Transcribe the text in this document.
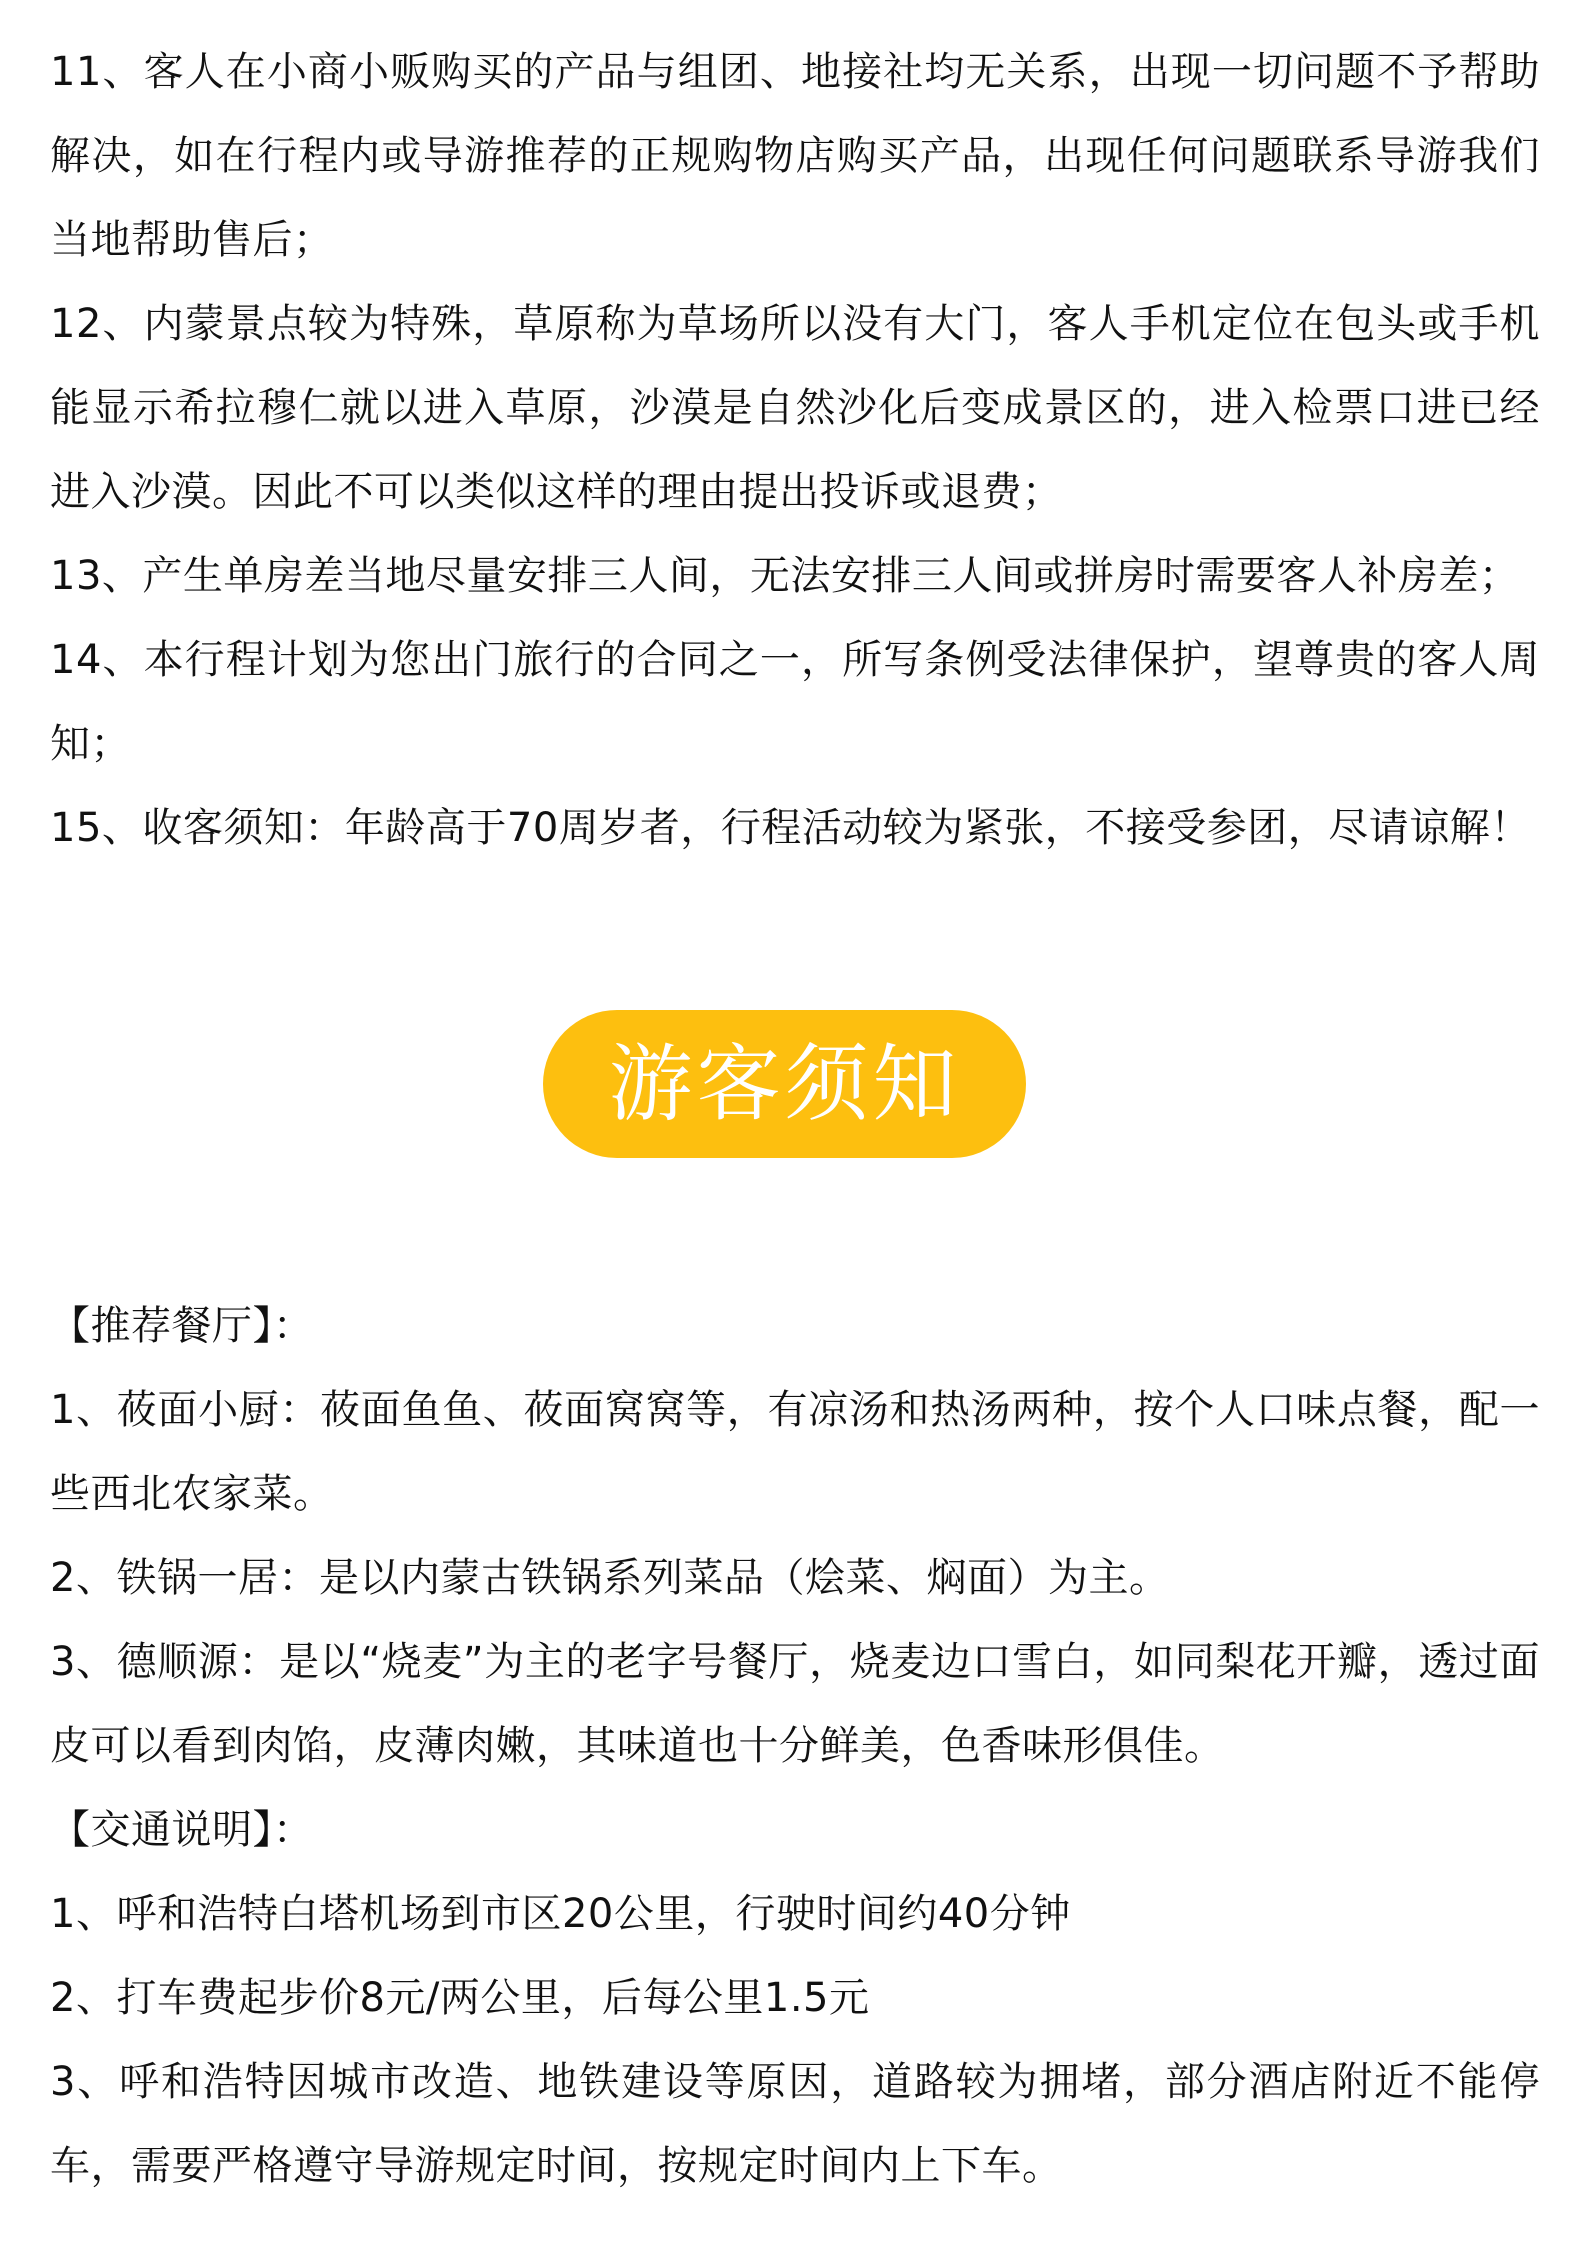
11、客人在小商小贩购买的产品与组团、地接社均无关系，出现一切问题不予帮助解决，如在行程内或导游推荐的正规购物店购买产品，出现任何问题联系导游我们当地帮助售后；

12、内蒙景点较为特殊，草原称为草场所以没有大门，客人手机定位在包头或手机能显示希拉穆仁就以进入草原，沙漠是自然沙化后变成景区的，进入检票口进已经进入沙漠。因此不可以类似这样的理由提出投诉或退费；

13、产生单房差当地尽量安排三人间，无法安排三人间或拼房时需要客人补房差；

14、本行程计划为您出门旅行的合同之一，所写条例受法律保护，望尊贵的客人周知；

15、收客须知：年龄高于70周岁者，行程活动较为紧张，不接受参团，尽请谅解！

游客须知

【推荐餐厅】：

1、莜面小厨：莜面鱼鱼、莜面窝窝等，有凉汤和热汤两种，按个人口味点餐，配一些西北农家菜。

2、铁锅一居：是以内蒙古铁锅系列菜品（烩菜、焖面）为主。

3、德顺源：是以“烧麦”为主的老字号餐厅，烧麦边口雪白，如同梨花开瓣，透过面皮可以看到肉馅，皮薄肉嫩，其味道也十分鲜美，色香味形俱佳。

【交通说明】：

1、呼和浩特白塔机场到市区20公里，行驶时间约40分钟

2、打车费起步价8元/两公里，后每公里1.5元

3、呼和浩特因城市改造、地铁建设等原因，道路较为拥堵，部分酒店附近不能停车，需要严格遵守导游规定时间，按规定时间内上下车。
